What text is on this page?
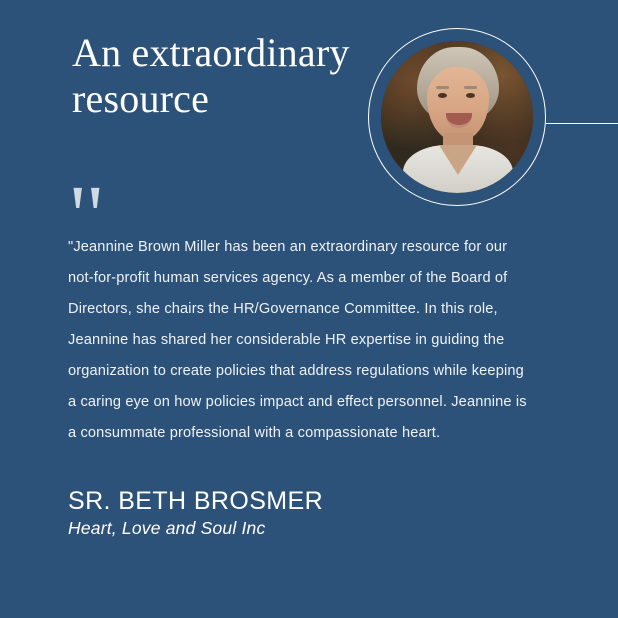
An extraordinary resource
''
"Jeannine Brown Miller has been an extraordinary resource for our not-for-profit human services agency. As a member of the Board of Directors, she chairs the HR/Governance Committee. In this role, Jeannine has shared her considerable HR expertise in guiding the organization to create policies that address regulations while keeping a caring eye on how policies impact and effect personnel. Jeannine is a consummate professional with a compassionate heart.
SR. BETH BROSMER
Heart, Love and Soul Inc
